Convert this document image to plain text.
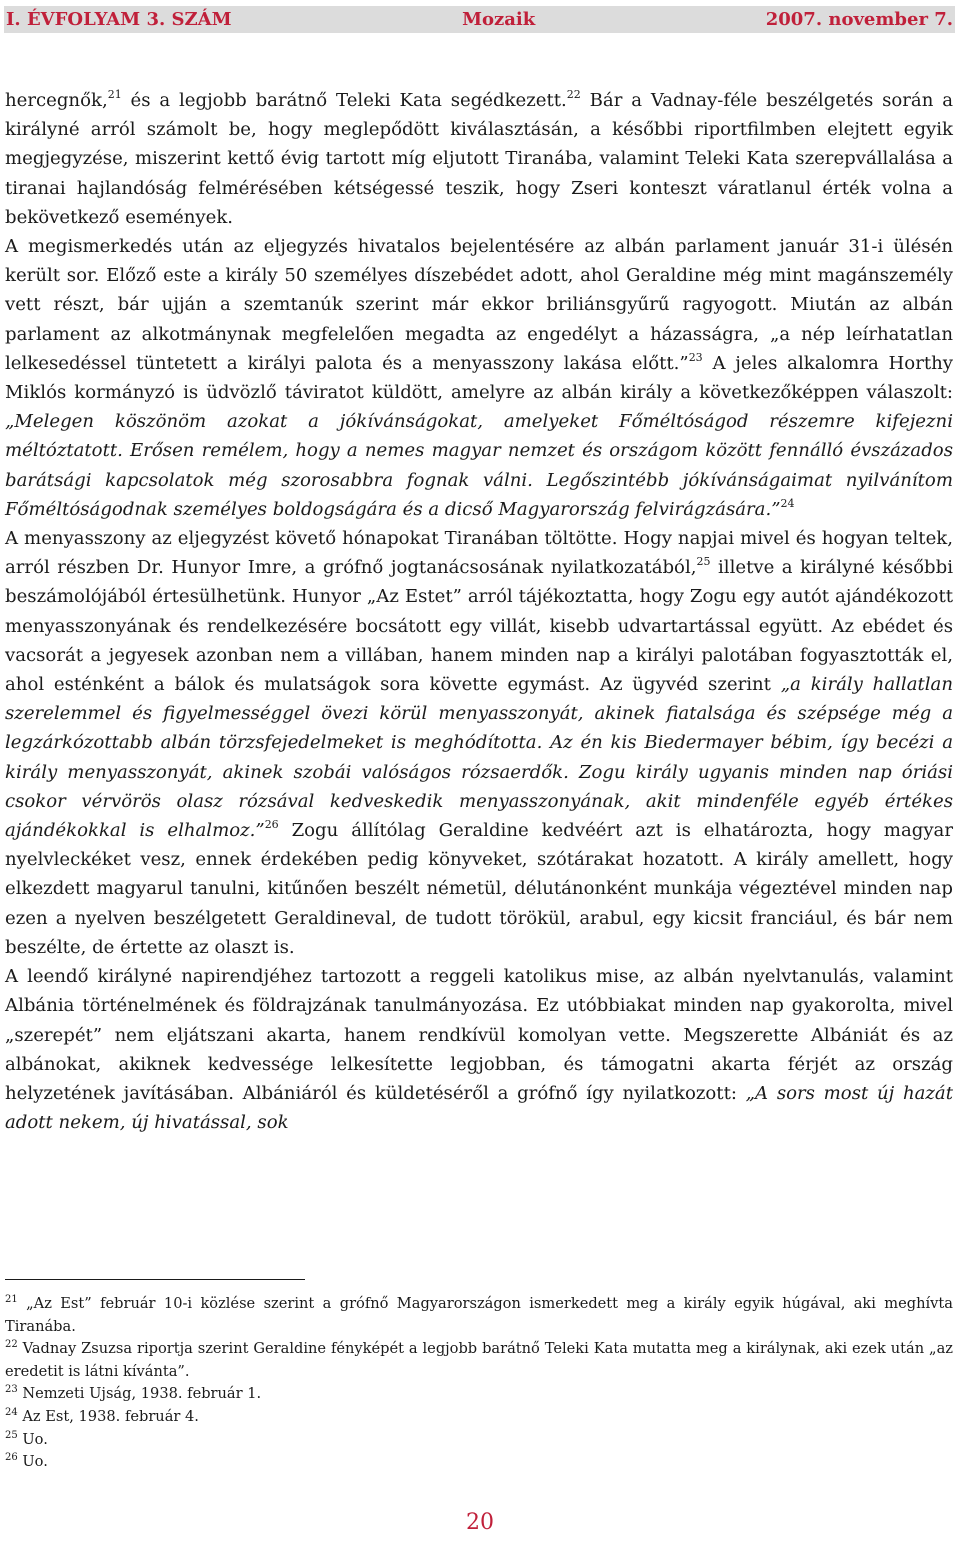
I. ÉVFOLYAM 3. SZÁM	Mozaik	2007. november 7.

hercegnők,$^{21}$ és a legjobb barátnő Teleki Kata segédkezett.$^{22}$ Bár a Vadnay-féle beszélgetés során a királyné arról számolt be, hogy meglepődött kiválasztásán, a későbbi riportfilmben elejtett egyik megjegyzése, miszerint kettő évig tartott míg eljutott Tiranába, valamint Teleki Kata szerepvállalása a tiranai hajlandóság felmérésében kétségessé teszik, hogy Zseri konteszt váratlanul érték volna a bekövetkező események.

A megismerkedés után az eljegyzés hivatalos bejelentésére az albán parlament január 31-i ülésén került sor. Előző este a király 50 személyes díszebédet adott, ahol Geraldine még mint magánszemély vett részt, bár ujján a szemtanúk szerint már ekkor briliánsgyűrű ragyogott. Miután az albán parlament az alkotmánynak megfelelően megadta az engedélyt a házasságra, „a nép leírhatatlan lelkesedéssel tüntetett a királyi palota és a menyasszony lakása előtt.”$^{23}$ A jeles alkalomra Horthy Miklós kormányzó is üdvözlő táviratot küldött, amelyre az albán király a következőképpen válaszolt: „Melegen köszönöm azokat a jókívánságokat, amelyeket Főméltóságod részemre kifejezni méltóztatott. Erősen remélem, hogy a nemes magyar nemzet és országom között fennálló évszázados barátsági kapcsolatok még szorosabbra fognak válni. Legőszintébb jókívánságaimat nyilvánítom Főméltóságodnak személyes boldogságára és a dicső Magyarország felvirágzására.”$^{24}$

A menyasszony az eljegyzést követő hónapokat Tiranában töltötte. Hogy napjai mivel és hogyan teltek, arról részben Dr. Hunyor Imre, a grófnő jogtanácsosának nyilatkozatából,$^{25}$ illetve a királyné későbbi beszámolójából értesülhetünk. Hunyor „Az Estet” arról tájékoztatta, hogy Zogu egy autót ajándékozott menyasszonyának és rendelkezésére bocsátott egy villát, kisebb udvartartással együtt. Az ebédet és vacsorát a jegyesek azonban nem a villában, hanem minden nap a királyi palotában fogyasztották el, ahol esténként a bálok és mulatságok sora követte egymást. Az ügyvéd szerint „a király hallatlan szerelemmel és figyelmességgel övezi körül menyasszonyát, akinek fiatalsága és szépsége még a legzárkózottabb albán törzsfejedelmeket is meghódította. Az én kis Biedermayer bébim, így becézi a király menyasszonyát, akinek szobái valóságos rózsaerdők. Zogu király ugyanis minden nap óriási csokor vérvörös olasz rózsával kedveskedik menyasszonyának, akit mindenféle egyéb értékes ajándékokkal is elhalmoz.”$^{26}$ Zogu állítólag Geraldine kedvéért azt is elhatározta, hogy magyar nyelvleckéket vesz, ennek érdekében pedig könyveket, szótárakat hozatott. A király amellett, hogy elkezdett magyarul tanulni, kitűnően beszélt németül, délutánonként munkája végeztével minden nap ezen a nyelven beszélgetett Geraldineval, de tudott törökül, arabul, egy kicsit franciául, és bár nem beszélte, de értette az olaszt is.

A leendő királyné napirendjéhez tartozott a reggeli katolikus mise, az albán nyelvtanulás, valamint Albánia történelmének és földrajzának tanulmányozása. Ez utóbbiakat minden nap gyakorolta, mivel „szerepét” nem eljátszani akarta, hanem rendkívül komolyan vette. Megszerette Albániát és az albánokat, akiknek kedvessége lelkesítette legjobban, és támogatni akarta férjét az ország helyzetének javításában. Albániáról és küldetéséről a grófnő így nyilatkozott: „A sors most új hazát adott nekem, új hivatással, sok

$^{21}$ „Az Est” február 10-i közlése szerint a grófnő Magyarországon ismerkedett meg a király egyik húgával, aki meghívta Tiranába.

$^{22}$ Vadnay Zsuzsa riportja szerint Geraldine fényképét a legjobb barátnő Teleki Kata mutatta meg a királynak, aki ezek után „az eredetit is látni kívánta”.

$^{23}$ Nemzeti Ujság, 1938. február 1.

$^{24}$ Az Est, 1938. február 4.

$^{25}$ Uo.

$^{26}$ Uo.

20
